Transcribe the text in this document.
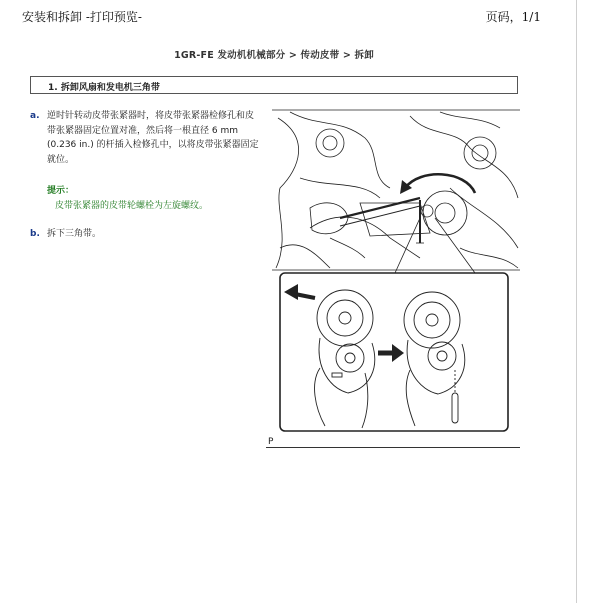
安装和拆卸 -打印预览-	页码，1/1
1GR-FE 发动机机械部分 > 传动皮带 > 拆卸
1. 拆卸风扇和发电机三角带
a. 逆时针转动皮带张紧器时，将皮带张紧器检修孔和皮带张紧器固定位置对准，然后将一根直径 6 mm (0.236 in.) 的杆插入检修孔中，以将皮带张紧器固定就位。
提示：
皮带张紧器的皮带轮螺栓为左旋螺纹。
b. 拆下三角带。
P
